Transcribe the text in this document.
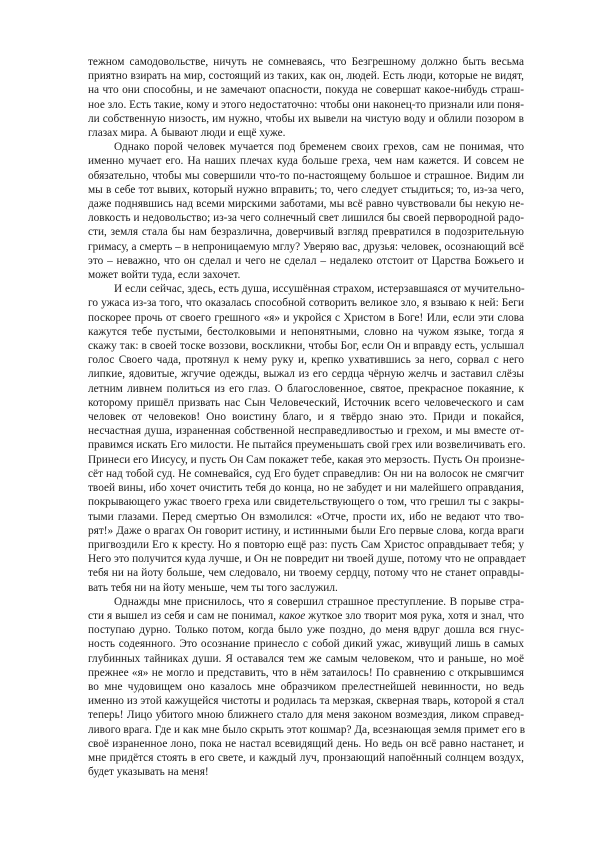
тежном самодовольстве, ничуть не сомневаясь, что Безгрешному должно быть весьма
приятно взирать на мир, состоящий из таких, как он, людей. Есть люди, которые не видят,
на что они способны, и не замечают опасности, покуда не совершат какое-нибудь страш-
ное зло. Есть такие, кому и этого недостаточно: чтобы они наконец-то признали или поня-
ли собственную низость, им нужно, чтобы их вывели на чистую воду и облили позором в
глазах мира. А бывают люди и ещё хуже.
Однако порой человек мучается под бременем своих грехов, сам не понимая, что
именно мучает его. На наших плечах куда больше греха, чем нам кажется. И совсем не
обязательно, чтобы мы совершили что-то по-настоящему большое и страшное. Видим ли
мы в себе тот вывих, который нужно вправить; то, чего следует стыдиться; то, из-за чего,
даже поднявшись над всеми мирскими заботами, мы всё равно чувствовали бы некую не-
ловкость и недовольство; из-за чего солнечный свет лишился бы своей первородной радо-
сти, земля стала бы нам безразлична, доверчивый взгляд превратился в подозрительную
гримасу, а смерть – в непроницаемую мглу? Уверяю вас, друзья: человек, осознающий всё
это – неважно, что он сделал и чего не сделал – недалеко отстоит от Царства Божьего и
может войти туда, если захочет.
И если сейчас, здесь, есть душа, иссушённая страхом, истерзавшаяся от мучительно-
го ужаса из-за того, что оказалась способной сотворить великое зло, я взываю к ней: Беги
поскорее прочь от своего грешного «я» и укройся с Христом в Боге! Или, если эти слова
кажутся тебе пустыми, бестолковыми и непонятными, словно на чужом языке, тогда я
скажу так: в своей тоске воззови, воскликни, чтобы Бог, если Он и вправду есть, услышал
голос Своего чада, протянул к нему руку и, крепко ухватившись за него, сорвал с него
липкие, ядовитые, жгучие одежды, выжал из его сердца чёрную желчь и заставил слёзы
летним ливнем политься из его глаз. О благословенное, святое, прекрасное покаяние, к
которому пришёл призвать нас Сын Человеческий, Источник всего человеческого и сам
человек от человеков! Оно воистину благо, и я твёрдо знаю это. Приди и покайся,
несчастная душа, израненная собственной несправедливостью и грехом, и мы вместе от-
правимся искать Его милости. Не пытайся преуменьшать свой грех или возвеличивать его.
Принеси его Иисусу, и пусть Он Сам покажет тебе, какая это мерзость. Пусть Он произне-
сёт над тобой суд. Не сомневайся, суд Его будет справедлив: Он ни на волосок не смягчит
твоей вины, ибо хочет очистить тебя до конца, но не забудет и ни малейшего оправдания,
покрывающего ужас твоего греха или свидетельствующего о том, что грешил ты с закры-
тыми глазами. Перед смертью Он взмолился: «Отче, прости их, ибо не ведают что тво-
рят!» Даже о врагах Он говорит истину, и истинными были Его первые слова, когда враги
пригвоздили Его к кресту. Но я повторю ещё раз: пусть Сам Христос оправдывает тебя; у
Него это получится куда лучше, и Он не повредит ни твоей душе, потому что не оправдает
тебя ни на йоту больше, чем следовало, ни твоему сердцу, потому что не станет оправды-
вать тебя ни на йоту меньше, чем ты того заслужил.
Однажды мне приснилось, что я совершил страшное преступление. В порыве стра-
сти я вышел из себя и сам не понимал, какое жуткое зло творит моя рука, хотя и знал, что
поступаю дурно. Только потом, когда было уже поздно, до меня вдруг дошла вся гнус-
ность содеянного. Это осознание принесло с собой дикий ужас, живущий лишь в самых
глубинных тайниках души. Я оставался тем же самым человеком, что и раньше, но моё
прежнее «я» не могло и представить, что в нём затаилось! По сравнению с открывшимся
во мне чудовищем оно казалось мне образчиком прелестнейшей невинности, но ведь
именно из этой кажущейся чистоты и родилась та мерзкая, скверная тварь, которой я стал
теперь! Лицо убитого мною ближнего стало для меня законом возмездия, ликом справед-
ливого врага. Где и как мне было скрыть этот кошмар? Да, всезнающая земля примет его в
своё израненное лоно, пока не настал всевидящий день. Но ведь он всё равно настанет, и
мне придётся стоять в его свете, и каждый луч, пронзающий напоённый солнцем воздух,
будет указывать на меня!
